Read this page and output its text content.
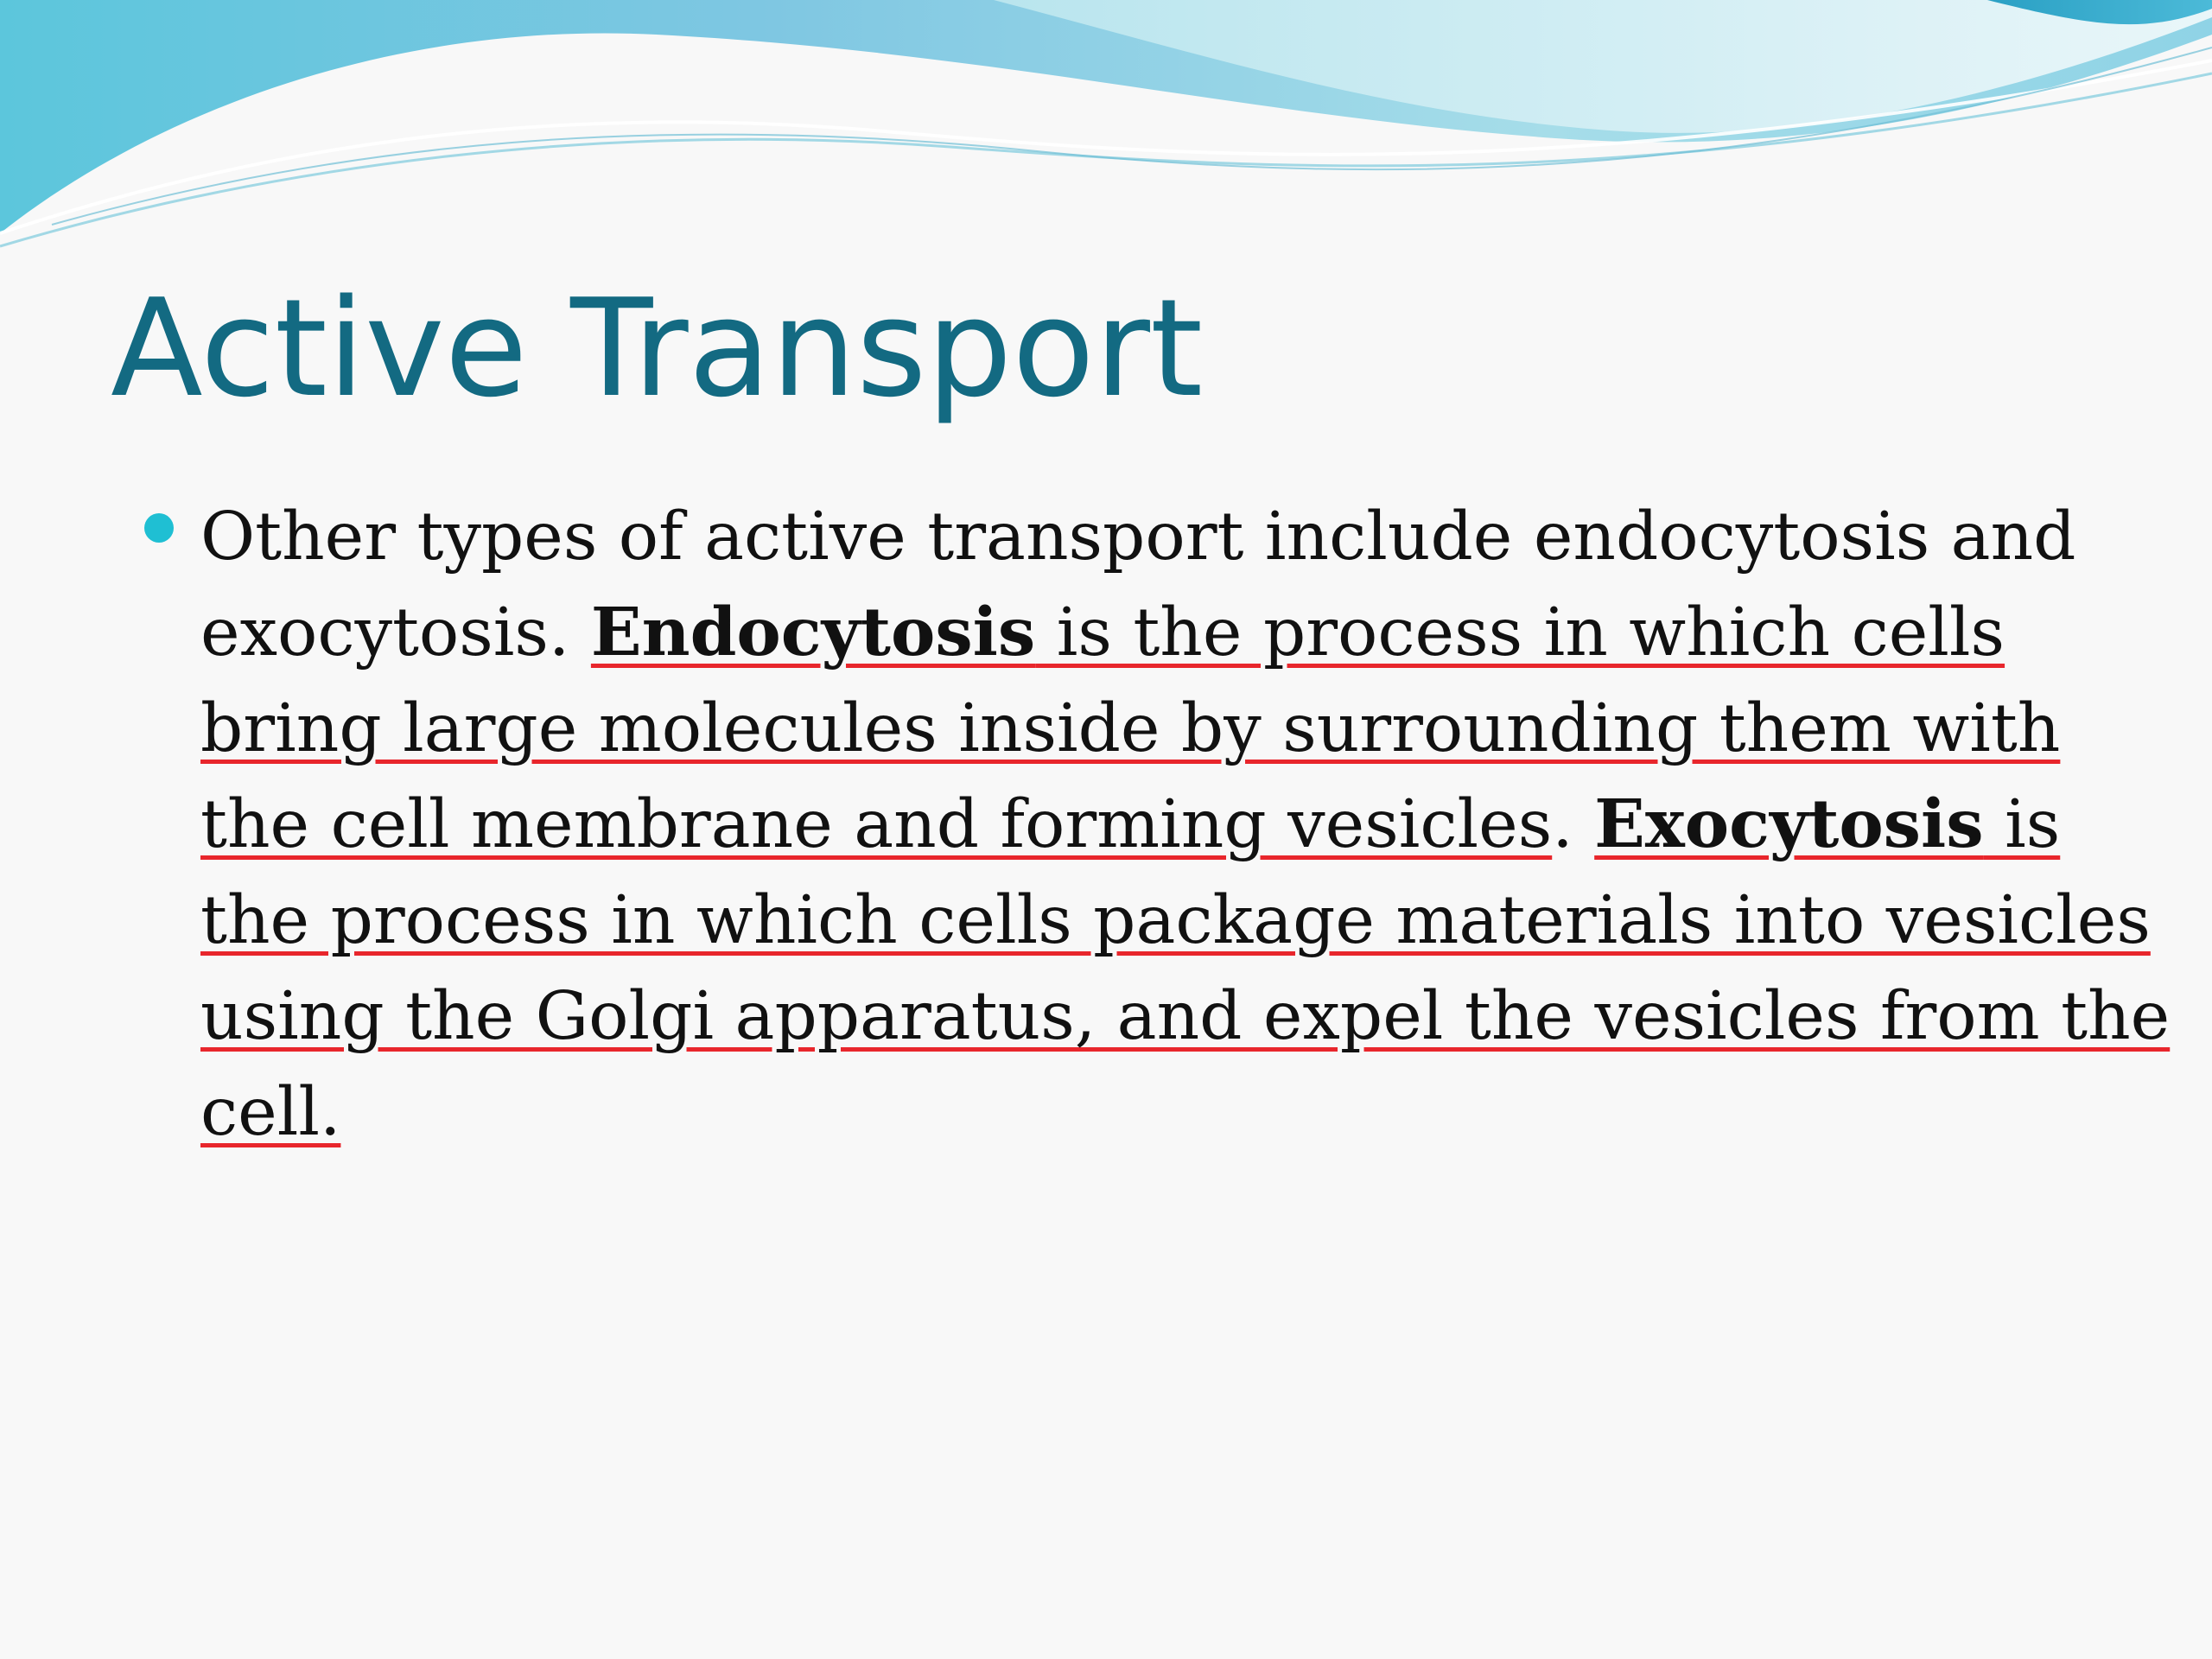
Active Transport

Other types of active transport include endocytosis and exocytosis. Endocytosis is the process in which cells bring large molecules inside by surrounding them with the cell membrane and forming vesicles. Exocytosis is the process in which cells package materials into vesicles using the Golgi apparatus, and expel the vesicles from the cell.
